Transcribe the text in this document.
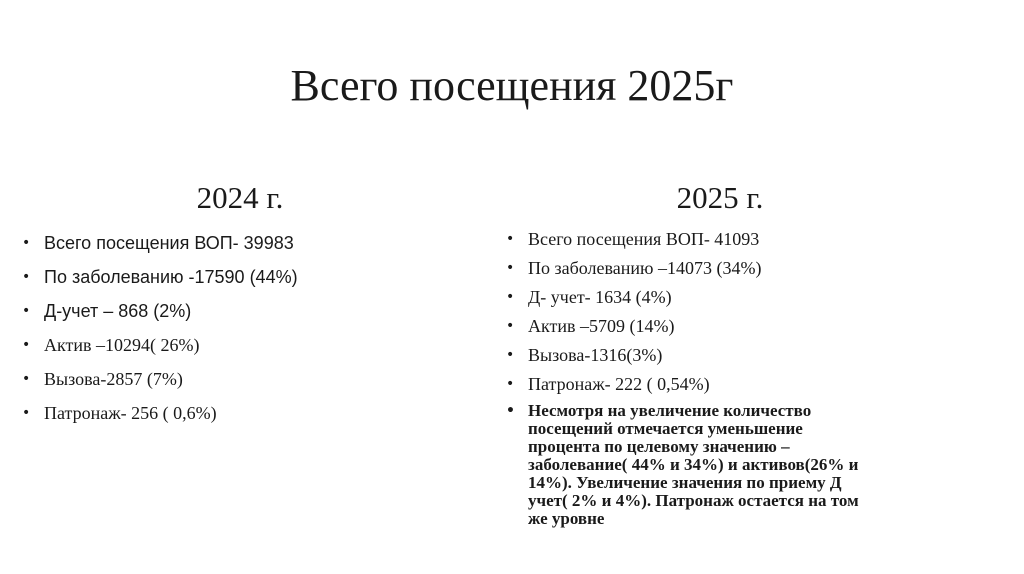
Всего посещения 2025г
2024 г.	2025 г.
• Всего посещения ВОП- 39983
• По заболеванию -17590 (44%)
• Д-учет – 868 (2%)
• Актив –10294( 26%)
• Вызова-2857 (7%)
• Патронаж- 256 ( 0,6%)
• Всего посещения ВОП- 41093
• По заболеванию –14073 (34%)
• Д- учет- 1634 (4%)
• Актив –5709 (14%)
• Вызова-1316(3%)
• Патронаж- 222 ( 0,54%)
• Несмотря на увеличение количество посещений отмечается уменьшение процента по целевому значению – заболевание( 44% и 34%) и активов(26% и 14%). Увеличение значения по приему Д учет( 2% и 4%). Патронаж остается на том же уровне
